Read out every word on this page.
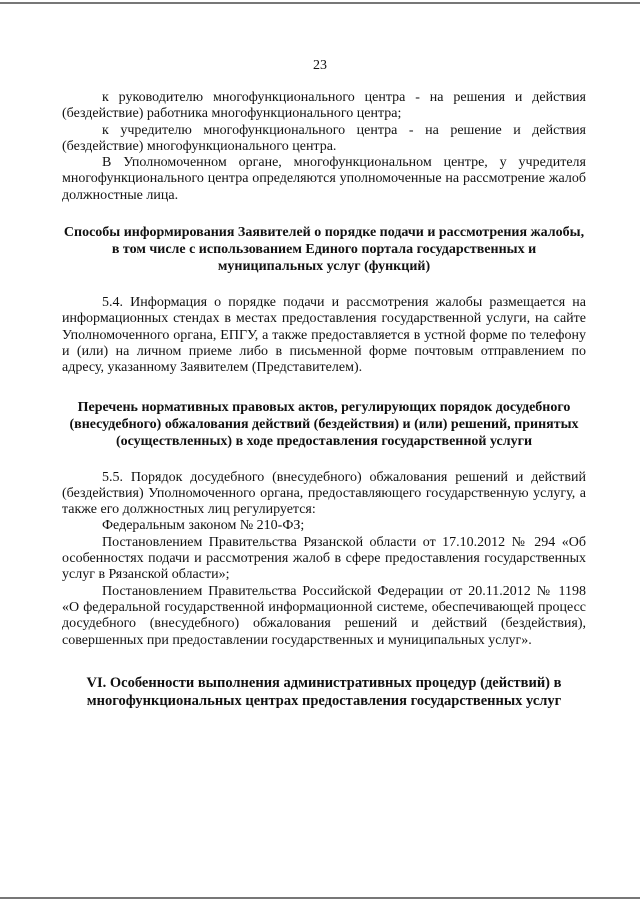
23

к руководителю многофункционального центра - на решения и действия (бездействие) работника многофункционального центра;

к учредителю многофункционального центра - на решение и действия (бездействие) многофункционального центра.

В Уполномоченном органе, многофункциональном центре, у учредителя многофункционального центра определяются уполномоченные на рассмотрение жалоб должностные лица.

Способы информирования Заявителей о порядке подачи и рассмотрения жалобы, в том числе с использованием Единого портала государственных и муниципальных услуг (функций)

5.4. Информация о порядке подачи и рассмотрения жалобы размещается на информационных стендах в местах предоставления государственной услуги, на сайте Уполномоченного органа, ЕПГУ, а также предоставляется в устной форме по телефону и (или) на личном приеме либо в письменной форме почтовым отправлением по адресу, указанному Заявителем (Представителем).

Перечень нормативных правовых актов, регулирующих порядок досудебного (внесудебного) обжалования действий (бездействия) и (или) решений, принятых (осуществленных) в ходе предоставления государственной услуги

5.5. Порядок досудебного (внесудебного) обжалования решений и действий (бездействия) Уполномоченного органа, предоставляющего государственную услугу, а также его должностных лиц регулируется:

Федеральным законом № 210-ФЗ;

Постановлением Правительства Рязанской области от 17.10.2012 № 294 «Об особенностях подачи и рассмотрения жалоб в сфере предоставления государственных услуг в Рязанской области»;

Постановлением Правительства Российской Федерации от 20.11.2012 № 1198 «О федеральной государственной информационной системе, обеспечивающей процесс досудебного (внесудебного) обжалования решений и действий (бездействия), совершенных при предоставлении государственных и муниципальных услуг».

VI. Особенности выполнения административных процедур (действий) в многофункциональных центрах предоставления государственных услуг
